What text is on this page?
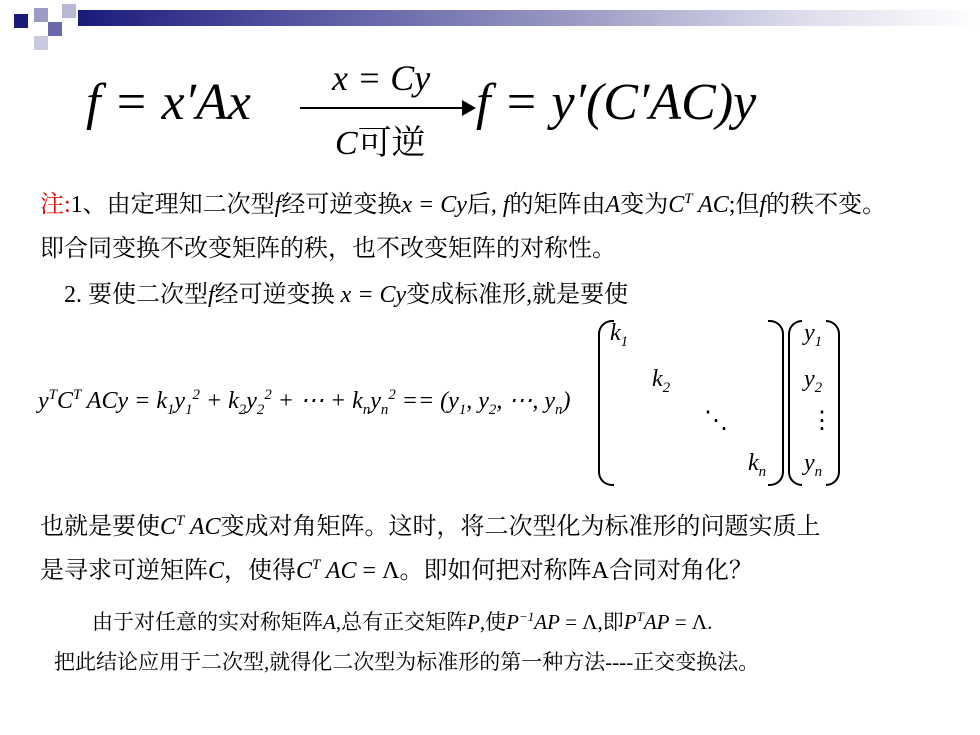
f = x′Ax x = Cy
C可逆
f = y′(C′AC)y
注:1、由定理知二次型f经可逆变换x = Cy后, f的矩阵由A变为$C^T$ AC;但f的秩不变。
即合同变换不改变矩阵的秩，也不改变矩阵的对称性。
2. 要使二次型f经可逆变换 x = Cy变成标准形,就是要使
$y^TC^T$ ACy = $k_1y_1^2 + k_2y_2^2$ + ⋯ + $k_ny_n^2 == (y_1$, $y_2$, ⋯, $y_n$)
$k_1$
$k_2$
⋱
$k_n$
$y_1$
$y_2$
⋮
$y_n$
也就是要使$C^T$ AC变成对角矩阵。这时，将二次型化为标准形的问题实质上
是寻求可逆矩阵C，使得$C^T$ AC = Λ。即如何把对称阵A合同对角化？
由于对任意的实对称矩阵A,总有正交矩阵P,使$P^{-1}AP = \Lambda$,即$P^TAP = \Lambda$.
把此结论应用于二次型,就得化二次型为标准形的第一种方法----正交变换法。
